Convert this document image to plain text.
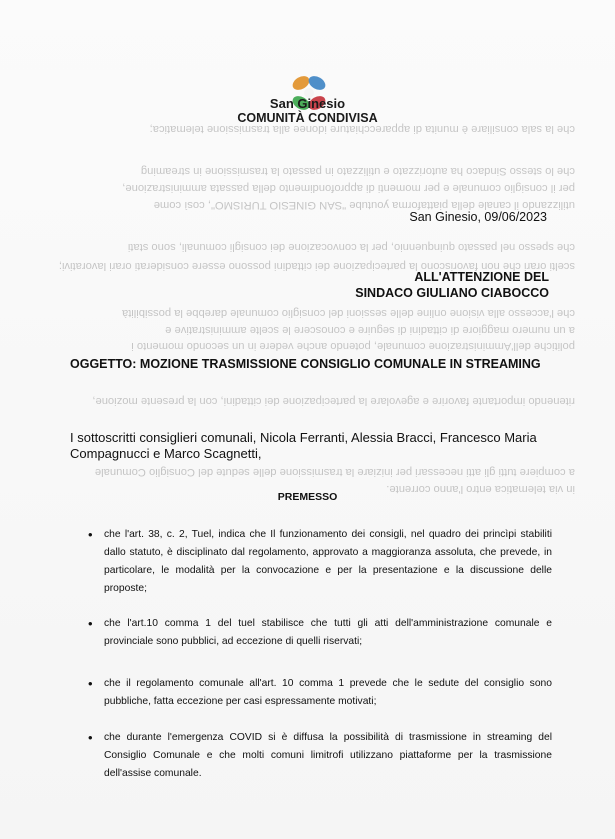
che la sala consiliare è munita di apparecchiature idonee alla trasmissione telematica;
che lo stesso Sindaco ha autorizzato e utilizzato in passato la trasmissione in streaming
per il consiglio comunale e per momenti di approfondimento della passata amministrazione,
utilizzando il canale della piattaforma youtube "SAN GINESIO TURISMO", così come
che spesso nel passato quinquennio, per la convocazione dei consigli comunali, sono stati
scelti orari che non favoriscono la partecipazione dei cittadini possono essere considerati orari lavorativi;
che l'accesso alla visione online delle sessioni del consiglio comunale darebbe la possibilità
a un numero maggiore di cittadini di seguire e conoscere le scelte amministrative e
politiche dell'Amministrazione comunale, potendo anche vedere in un secondo momento i
ritenendo importante favorire e agevolare la partecipazione dei cittadini, con la presente mozione,
a compiere tutti gli atti necessari per iniziare la trasmissione delle sedute del Consiglio Comunale
in via telematica entro l'anno corrente.
San Ginesio
COMUNITÀ CONDIVISA
San Ginesio, 09/06/2023
ALL'ATTENZIONE DEL
SINDACO GIULIANO CIABOCCO
OGGETTO: MOZIONE TRASMISSIONE CONSIGLIO COMUNALE IN STREAMING
I sottoscritti consiglieri comunali, Nicola Ferranti, Alessia Bracci, Francesco Maria Compagnucci e Marco Scagnetti,
PREMESSO
•	che l'art. 38, c. 2, Tuel, indica che Il funzionamento dei consigli, nel quadro dei princìpi stabiliti dallo statuto, è disciplinato dal regolamento, approvato a maggioranza assoluta, che prevede, in particolare, le modalità per la convocazione e per la presentazione e la discussione delle proposte;
•	che l'art.10 comma 1 del tuel stabilisce che tutti gli atti dell'amministrazione comunale e provinciale sono pubblici, ad eccezione di quelli riservati;
•	che il regolamento comunale all'art. 10 comma 1 prevede che le sedute del consiglio sono pubbliche, fatta eccezione per casi espressamente motivati;
•	che durante l'emergenza COVID si è diffusa la possibilità di trasmissione in streaming del Consiglio Comunale e che molti comuni limitrofi utilizzano piattaforme per la trasmissione dell'assise comunale.
